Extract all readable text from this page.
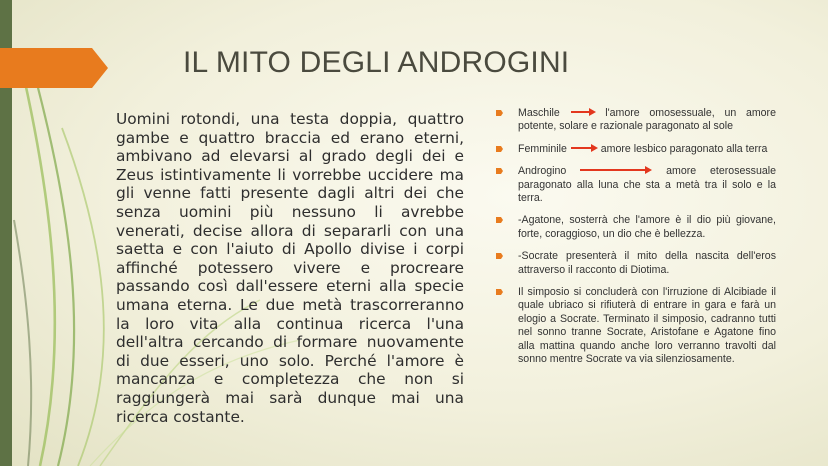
IL MITO DEGLI ANDROGINI

Uomini rotondi, una testa doppia, quattro gambe e quattro braccia ed erano eterni, ambivano ad elevarsi al grado degli dei e Zeus istintivamente li vorrebbe uccidere ma gli venne fatti presente dagli altri dei che senza uomini più nessuno li avrebbe venerati, decise allora di separarli con una saetta e con l'aiuto di Apollo divise i corpi affinché potessero vivere e procreare passando così dall'essere eterni alla specie umana eterna. Le due metà trascorreranno la loro vita alla continua ricerca l'una dell'altra cercando di formare nuovamente di due esseri, uno solo. Perché l'amore è mancanza e completezza che non si raggiungerà mai sarà dunque mai una ricerca costante.

Maschile	l'amore omosessuale, un amore potente, solare e razionale paragonato al sole
Femminile	amore lesbico paragonato alla terra
Androgino	amore eterosessuale paragonato alla luna che sta a metà tra il solo e la terra.
-Agatone, sosterrà che l'amore è il dio più giovane, forte, coraggioso, un dio che è bellezza.
-Socrate presenterà il mito della nascita dell'eros attraverso il racconto di Diotima.
Il simposio si concluderà con l'irruzione di Alcibiade il quale ubriaco si rifiuterà di entrare in gara e farà un elogio a Socrate. Terminato il simposio, cadranno tutti nel sonno tranne Socrate, Aristofane e Agatone fino alla mattina quando anche loro verranno travolti dal sonno mentre Socrate va via silenziosamente.
